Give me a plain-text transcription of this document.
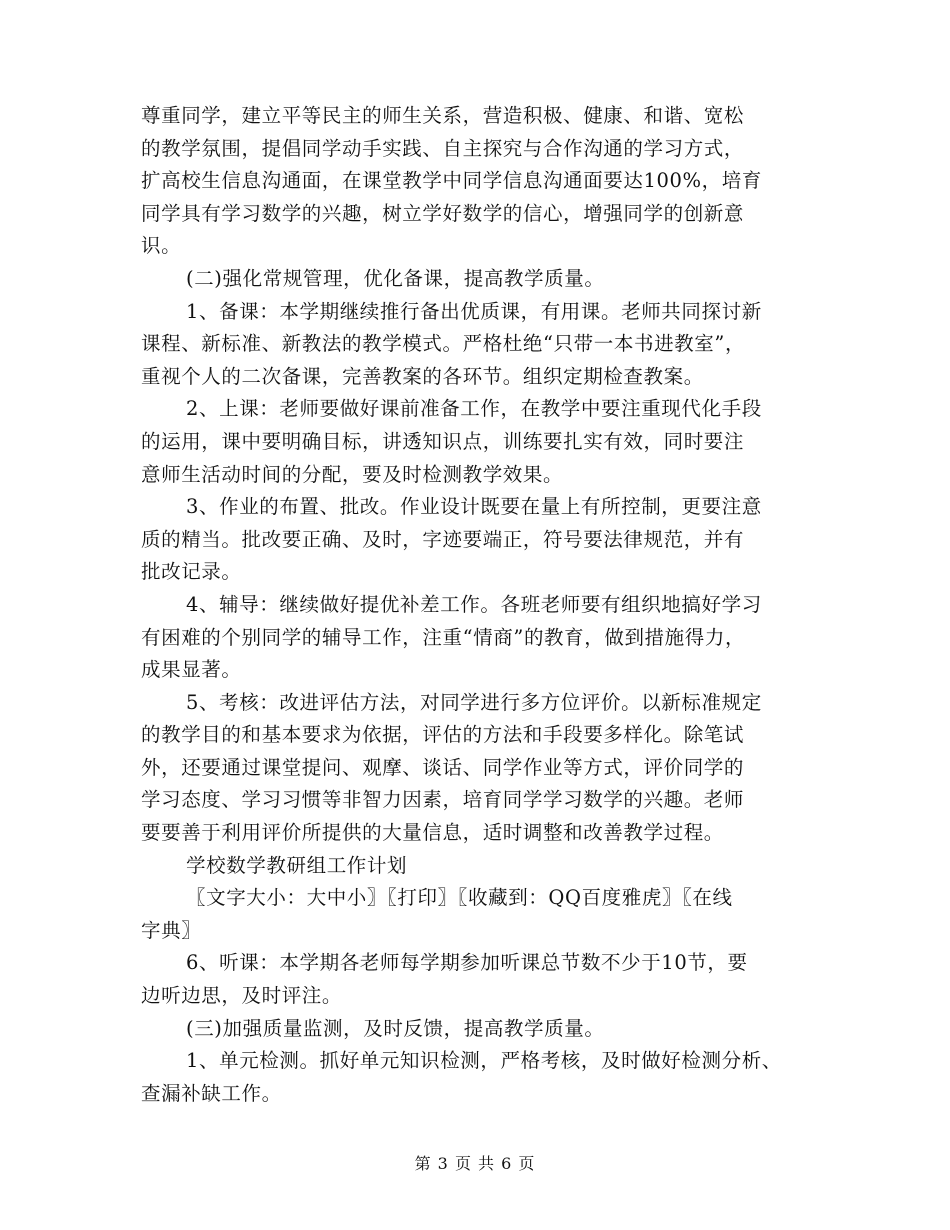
尊重同学，建立平等民主的师生关系，营造积极、健康、和谐、宽松
的教学氛围，提倡同学动手实践、自主探究与合作沟通的学习方式，
扩高校生信息沟通面，在课堂教学中同学信息沟通面要达100%，培育
同学具有学习数学的兴趣，树立学好数学的信心，增强同学的创新意
识。

(二)强化常规管理，优化备课，提高教学质量。

1、备课：本学期继续推行备出优质课，有用课。老师共同探讨新
课程、新标准、新教法的教学模式。严格杜绝“只带一本书进教室”，
重视个人的二次备课，完善教案的各环节。组织定期检查教案。

2、上课：老师要做好课前准备工作，在教学中要注重现代化手段
的运用，课中要明确目标，讲透知识点，训练要扎实有效，同时要注
意师生活动时间的分配，要及时检测教学效果。

3、作业的布置、批改。作业设计既要在量上有所控制，更要注意
质的精当。批改要正确、及时，字迹要端正，符号要法律规范，并有
批改记录。

4、辅导：继续做好提优补差工作。各班老师要有组织地搞好学习
有困难的个别同学的辅导工作，注重“情商”的教育，做到措施得力，
成果显著。

5、考核：改进评估方法，对同学进行多方位评价。以新标准规定
的教学目的和基本要求为依据，评估的方法和手段要多样化。除笔试
外，还要通过课堂提问、观摩、谈话、同学作业等方式，评价同学的
学习态度、学习习惯等非智力因素，培育同学学习数学的兴趣。老师
要要善于利用评价所提供的大量信息，适时调整和改善教学过程。

学校数学教研组工作计划

〖文字大小：大中小〗〖打印〗〖收藏到：QQ百度雅虎〗〖在线
字典〗

6、听课：本学期各老师每学期参加听课总节数不少于10节，要
边听边思，及时评注。

(三)加强质量监测，及时反馈，提高教学质量。

1、单元检测。抓好单元知识检测，严格考核，及时做好检测分析、
查漏补缺工作。

第 3 页 共 6 页
